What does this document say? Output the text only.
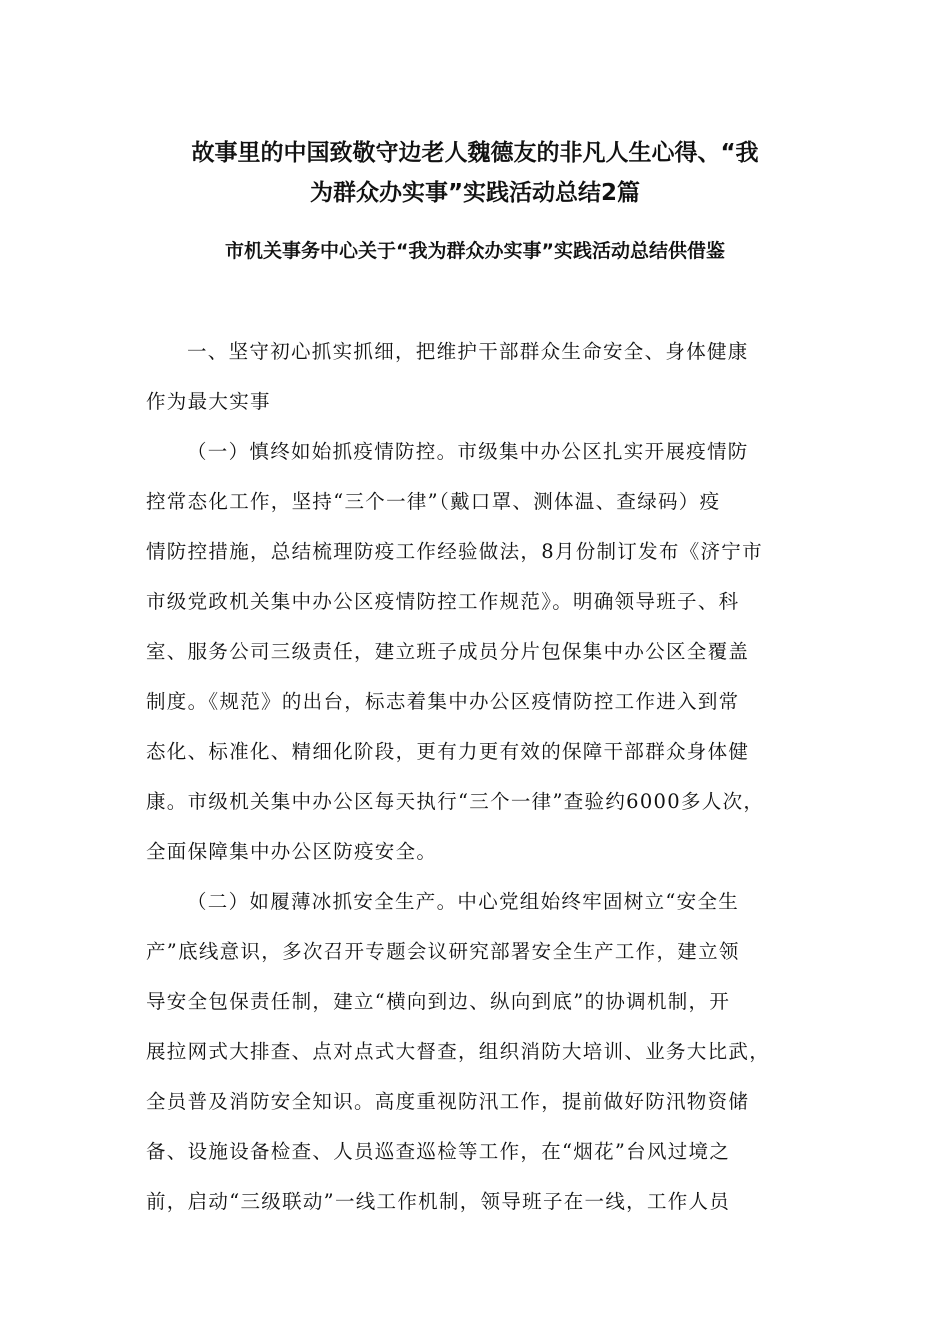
故事里的中国致敬守边老人魏德友的非凡人生心得、“我
为群众办实事”实践活动总结2篇
市机关事务中心关于“我为群众办实事”实践活动总结供借鉴
一、坚守初心抓实抓细，把维护干部群众生命安全、身体健康
作为最大实事
（一）慎终如始抓疫情防控。市级集中办公区扎实开展疫情防
控常态化工作，坚持“三个一律”（戴口罩、测体温、查绿码）疫
情防控措施，总结梳理防疫工作经验做法，8月份制订发布《济宁市
市级党政机关集中办公区疫情防控工作规范》。明确领导班子、科
室、服务公司三级责任，建立班子成员分片包保集中办公区全覆盖
制度。《规范》的出台，标志着集中办公区疫情防控工作进入到常
态化、标准化、精细化阶段，更有力更有效的保障干部群众身体健
康。市级机关集中办公区每天执行“三个一律”查验约6000多人次，
全面保障集中办公区防疫安全。
（二）如履薄冰抓安全生产。中心党组始终牢固树立“安全生
产”底线意识，多次召开专题会议研究部署安全生产工作，建立领
导安全包保责任制，建立“横向到边、纵向到底”的协调机制，开
展拉网式大排查、点对点式大督查，组织消防大培训、业务大比武，
全员普及消防安全知识。高度重视防汛工作，提前做好防汛物资储
备、设施设备检查、人员巡查巡检等工作，在“烟花”台风过境之
前，启动“三级联动”一线工作机制，领导班子在一线，工作人员
